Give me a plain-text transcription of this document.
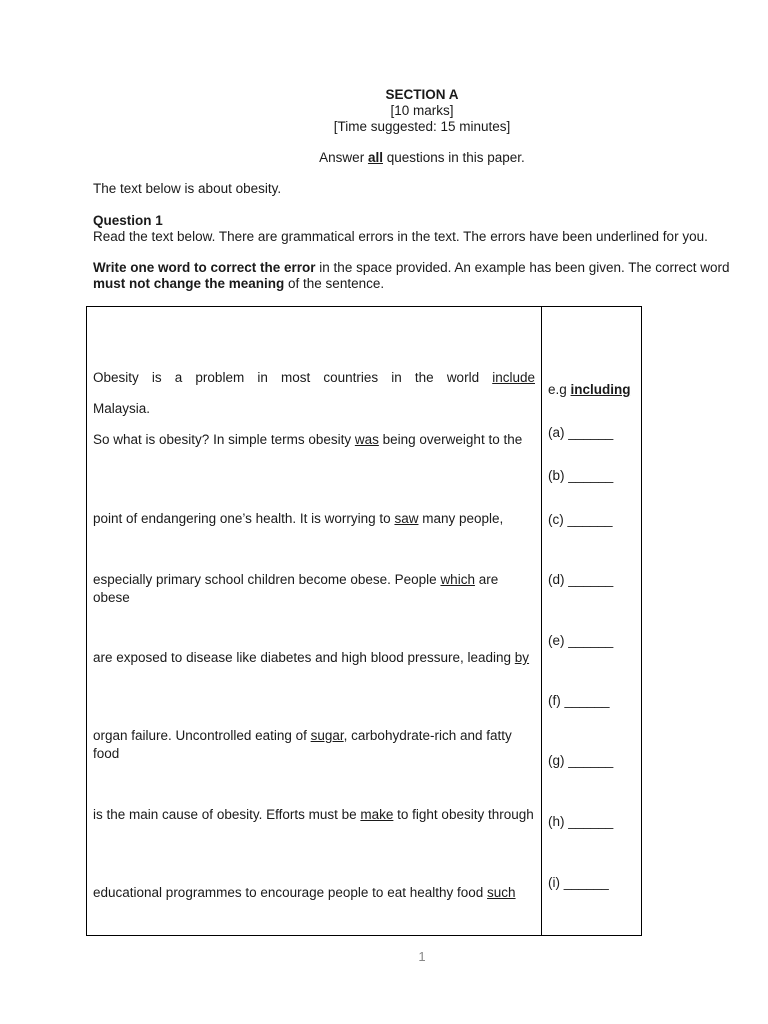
SECTION A
[10 marks]
[Time suggested: 15 minutes]
Answer all questions in this paper.
The text below is about obesity.
Question 1
Read the text below. There are grammatical errors in the text. The errors have been underlined for you.
Write one word to correct the error in the space provided. An example has been given. The correct word
must not change the meaning of the sentence.
Obesity is a problem in most countries in the world include
Malaysia.
So what is obesity? In simple terms obesity was being overweight to the
point of endangering one’s health. It is worrying to saw many people,
especially primary school children become obese. People which are obese
are exposed to disease like diabetes and high blood pressure, leading by
organ failure. Uncontrolled eating of sugar, carbohydrate-rich and fatty food
is the main cause of obesity. Efforts must be make to fight obesity through
educational programmes to encourage people to eat healthy food such
e.g including
(a) ______
(b) ______
(c) ______
(d) ______
(e) ______
(f) ______
(g) ______
(h) ______
(i) ______
1
